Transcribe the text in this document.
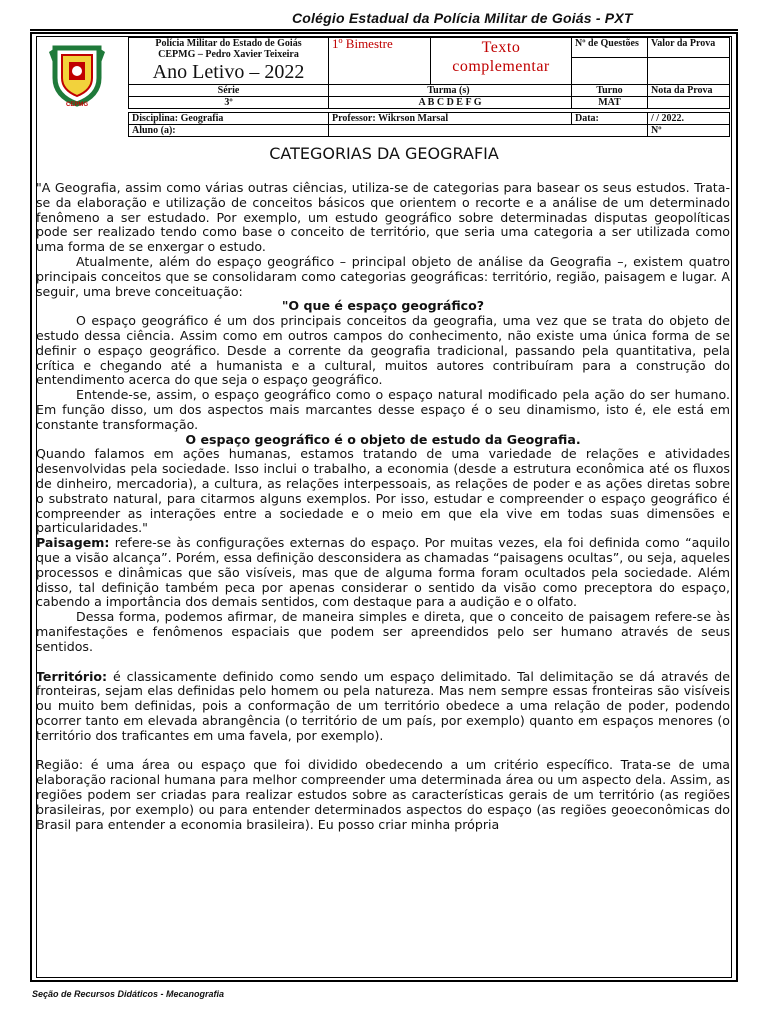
Colégio Estadual da Polícia Militar de Goiás - PXT
CEPMG
Polícia Militar do Estado de Goiás
CEPMG – Pedro Xavier Teixeira
Ano Letivo – 2022	1º Bimestre	Texto complementar	Nº de Questões	Valor da Prova

Série	Turma (s)		Turno	Nota da Prova
3º	A B C D E F G		MAT	
Disciplina: Geografia	Professor: Wikrson Marsal	Data:	/ / 2022.
Aluno (a):			Nº
CATEGORIAS DA GEOGRAFIA

"A Geografia, assim como várias outras ciências, utiliza-se de categorias para basear os seus estudos. Trata-se da elaboração e utilização de conceitos básicos que orientem o recorte e a análise de um determinado fenômeno a ser estudado. Por exemplo, um estudo geográfico sobre determinadas disputas geopolíticas pode ser realizado tendo como base o conceito de território, que seria uma categoria a ser utilizada como uma forma de se enxergar o estudo.

Atualmente, além do espaço geográfico – principal objeto de análise da Geografia –, existem quatro principais conceitos que se consolidaram como categorias geográficas: território, região, paisagem e lugar. A seguir, uma breve conceituação:

"O que é espaço geográfico?

O espaço geográfico é um dos principais conceitos da geografia, uma vez que se trata do objeto de estudo dessa ciência. Assim como em outros campos do conhecimento, não existe uma única forma de se definir o espaço geográfico. Desde a corrente da geografia tradicional, passando pela quantitativa, pela crítica e chegando até a humanista e a cultural, muitos autores contribuíram para a construção do entendimento acerca do que seja o espaço geográfico.

Entende-se, assim, o espaço geográfico como o espaço natural modificado pela ação do ser humano. Em função disso, um dos aspectos mais marcantes desse espaço é o seu dinamismo, isto é, ele está em constante transformação.

O espaço geográfico é o objeto de estudo da Geografia.

Quando falamos em ações humanas, estamos tratando de uma variedade de relações e atividades desenvolvidas pela sociedade. Isso inclui o trabalho, a economia (desde a estrutura econômica até os fluxos de dinheiro, mercadoria), a cultura, as relações interpessoais, as relações de poder e as ações diretas sobre o substrato natural, para citarmos alguns exemplos. Por isso, estudar e compreender o espaço geográfico é compreender as interações entre a sociedade e o meio em que ela vive em todas suas dimensões e particularidades."

Paisagem: refere-se às configurações externas do espaço. Por muitas vezes, ela foi definida como “aquilo que a visão alcança”. Porém, essa definição desconsidera as chamadas “paisagens ocultas”, ou seja, aqueles processos e dinâmicas que são visíveis, mas que de alguma forma foram ocultados pela sociedade. Além disso, tal definição também peca por apenas considerar o sentido da visão como preceptora do espaço, cabendo a importância dos demais sentidos, com destaque para a audição e o olfato.

Dessa forma, podemos afirmar, de maneira simples e direta, que o conceito de paisagem refere-se às manifestações e fenômenos espaciais que podem ser apreendidos pelo ser humano através de seus sentidos.

Território: é classicamente definido como sendo um espaço delimitado. Tal delimitação se dá através de fronteiras, sejam elas definidas pelo homem ou pela natureza. Mas nem sempre essas fronteiras são visíveis ou muito bem definidas, pois a conformação de um território obedece a uma relação de poder, podendo ocorrer tanto em elevada abrangência (o território de um país, por exemplo) quanto em espaços menores (o território dos traficantes em uma favela, por exemplo).

Região: é uma área ou espaço que foi dividido obedecendo a um critério específico. Trata-se de uma elaboração racional humana para melhor compreender uma determinada área ou um aspecto dela. Assim, as regiões podem ser criadas para realizar estudos sobre as características gerais de um território (as regiões brasileiras, por exemplo) ou para entender determinados aspectos do espaço (as regiões geoeconômicas do Brasil para entender a economia brasileira). Eu posso criar minha própria

Seção de Recursos Didáticos - Mecanografia
